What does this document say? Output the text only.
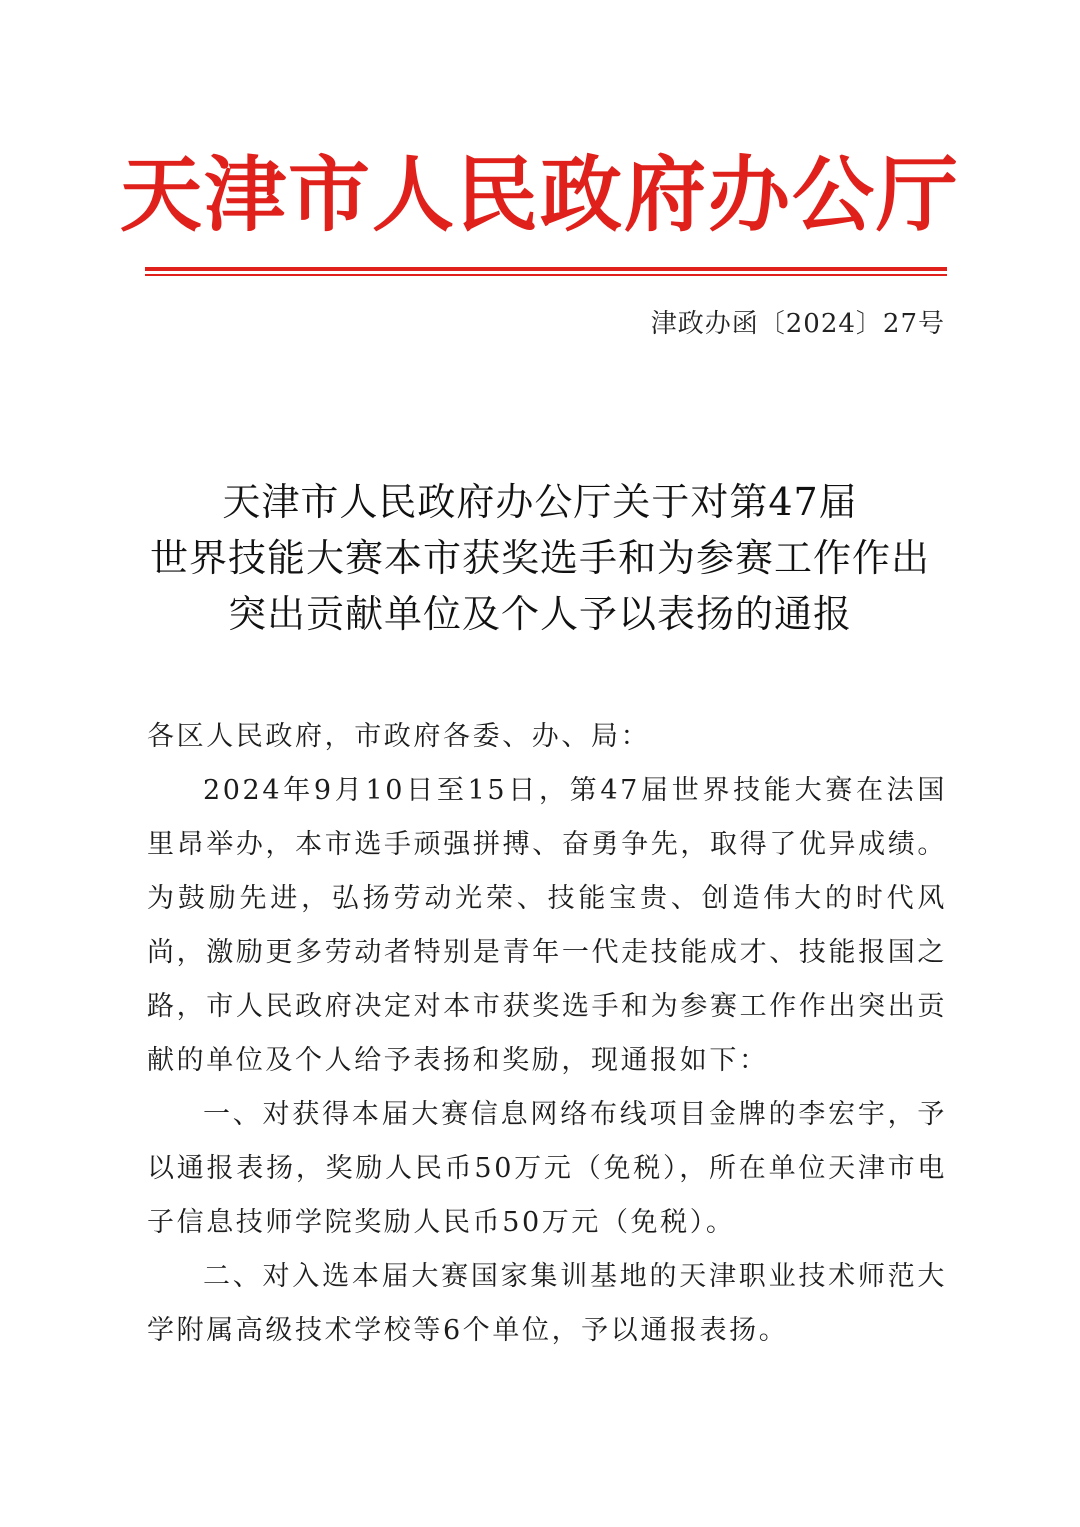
天津市人民政府办公厅
津政办函〔2024〕27号
天津市人民政府办公厅关于对第47届
世界技能大赛本市获奖选手和为参赛工作作出
突出贡献单位及个人予以表扬的通报

各区人民政府，市政府各委、办、局：

2024年9月10日至15日，第47届世界技能大赛在法国里昂举办，本市选手顽强拼搏、奋勇争先，取得了优异成绩。为鼓励先进，弘扬劳动光荣、技能宝贵、创造伟大的时代风尚，激励更多劳动者特别是青年一代走技能成才、技能报国之路，市人民政府决定对本市获奖选手和为参赛工作作出突出贡献的单位及个人给予表扬和奖励，现通报如下：

一、对获得本届大赛信息网络布线项目金牌的李宏宇，予以通报表扬，奖励人民币50万元（免税），所在单位天津市电子信息技师学院奖励人民币50万元（免税）。

二、对入选本届大赛国家集训基地的天津职业技术师范大学附属高级技术学校等6个单位，予以通报表扬。
